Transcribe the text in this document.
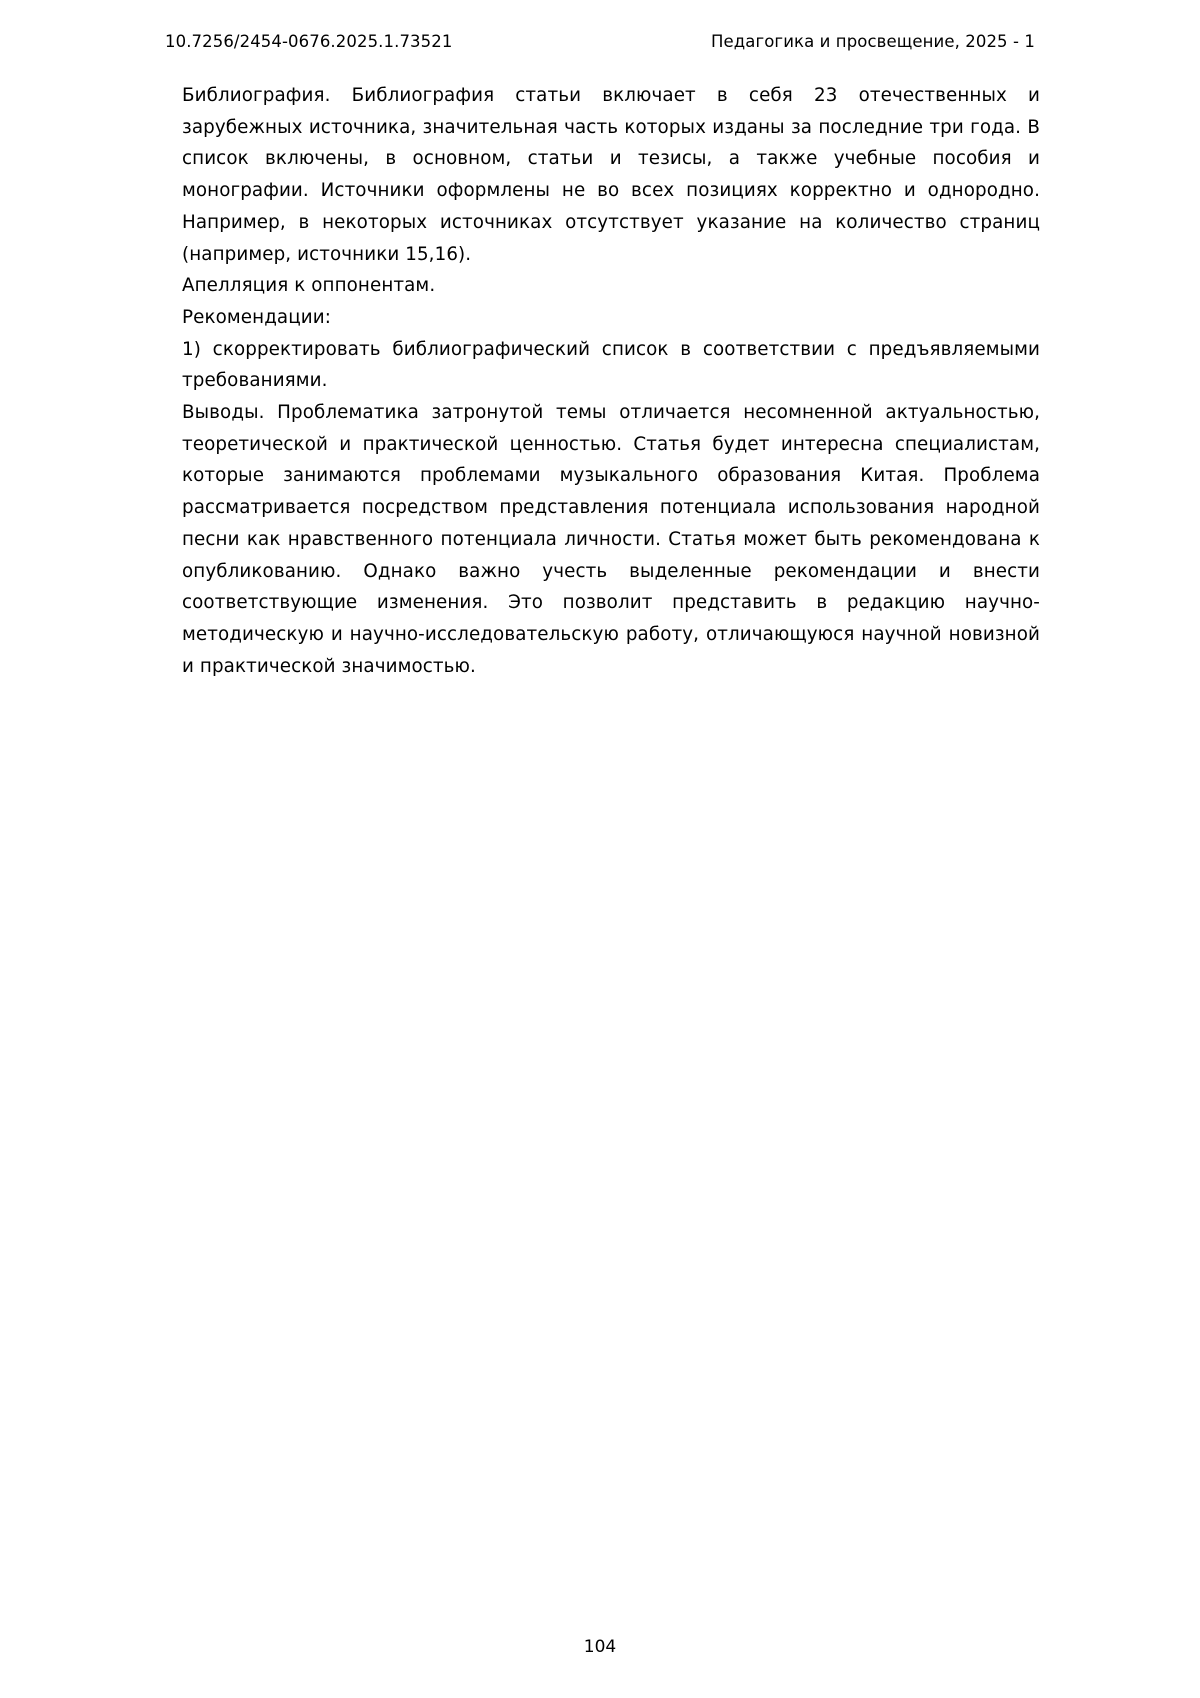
10.7256/2454-0676.2025.1.73521	Педагогика и просвещение, 2025 - 1

Библиография. Библиография статьи включает в себя 23 отечественных и зарубежных источника, значительная часть которых изданы за последние три года. В список включены, в основном, статьи и тезисы, а также учебные пособия и монографии. Источники оформлены не во всех позициях корректно и однородно. Например, в некоторых источниках отсутствует указание на количество страниц (например, источники 15,16).

Апелляция к оппонентам.

Рекомендации:

1) скорректировать библиографический список в соответствии с предъявляемыми требованиями.

Выводы. Проблематика затронутой темы отличается несомненной актуальностью, теоретической и практической ценностью. Статья будет интересна специалистам, которые занимаются проблемами музыкального образования Китая. Проблема рассматривается посредством представления потенциала использования народной песни как нравственного потенциала личности. Статья может быть рекомендована к опубликованию. Однако важно учесть выделенные рекомендации и внести соответствующие изменения. Это позволит представить в редакцию научно-методическую и научно-исследовательскую работу, отличающуюся научной новизной и практической значимостью.

104
